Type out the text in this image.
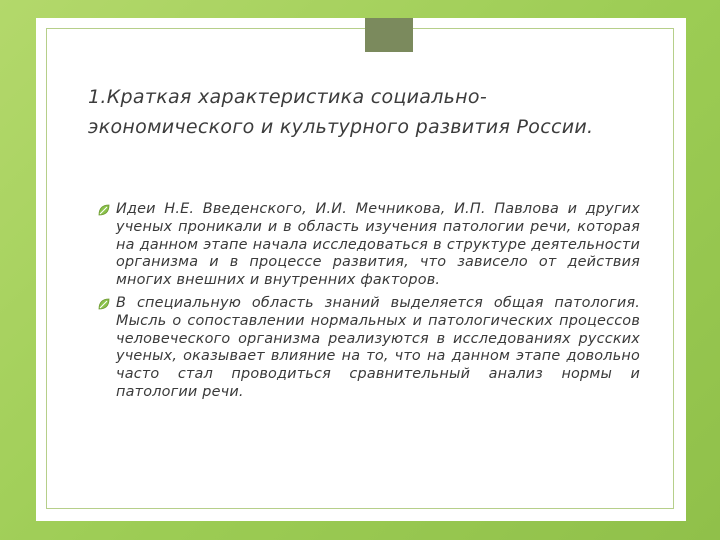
1.Краткая характеристика социально-экономического и культурного развития России.
Идеи Н.Е. Введенского, И.И. Мечникова, И.П. Павлова и других ученых проникали и в область изучения патологии речи, которая на данном этапе начала исследоваться в структуре деятельности организма и в процессе развития, что зависело от действия многих внешних и внутренних факторов.
В специальную область знаний выделяется общая патология. Мысль о сопоставлении нормальных и патологических процессов человеческого организма реализуются в исследованиях русских ученых, оказывает влияние на то, что на данном этапе довольно часто стал проводиться сравнительный анализ нормы и патологии речи.
